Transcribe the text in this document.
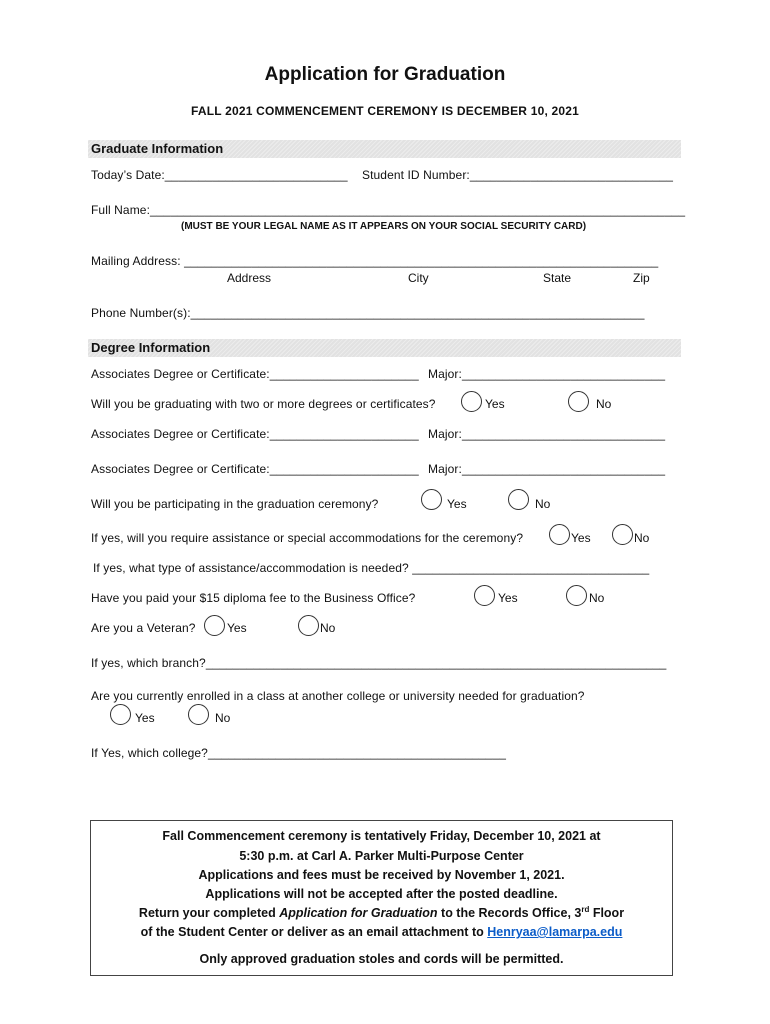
Application for Graduation
FALL 2021 COMMENCEMENT CEREMONY IS DECEMBER 10, 2021
Graduate Information
Today’s Date:___________________________ Student ID Number:______________________________
Full Name:_______________________________________________________________________________
(MUST BE YOUR LEGAL NAME AS IT APPEARS ON YOUR SOCIAL SECURITY CARD)
Mailing Address: ______________________________________________________________________
Address	City	State	Zip
Phone Number(s):___________________________________________________________________
Degree Information
Associates Degree or Certificate:______________________ Major:______________________________
Will you be graduating with two or more degrees or certificates?	Yes	No
Associates Degree or Certificate:______________________ Major:______________________________
Associates Degree or Certificate:______________________ Major:______________________________
Will you be participating in the graduation ceremony?	Yes	No
If yes, will you require assistance or special accommodations for the ceremony?	Yes	No
If yes, what type of assistance/accommodation is needed? ___________________________________
Have you paid your $15 diploma fee to the Business Office?	Yes	No
Are you a Veteran?	Yes	No
If yes, which branch?____________________________________________________________________
Are you currently enrolled in a class at another college or university needed for graduation?
Yes	No
If Yes, which college?____________________________________________
Fall Commencement ceremony is tentatively Friday, December 10, 2021 at
5:30 p.m. at Carl A. Parker Multi-Purpose Center
Applications and fees must be received by November 1, 2021.
Applications will not be accepted after the posted deadline.
Return your completed Application for Graduation to the Records Office, 3rd Floor
of the Student Center or deliver as an email attachment to Henryaa@lamarpa.edu
Only approved graduation stoles and cords will be permitted.
